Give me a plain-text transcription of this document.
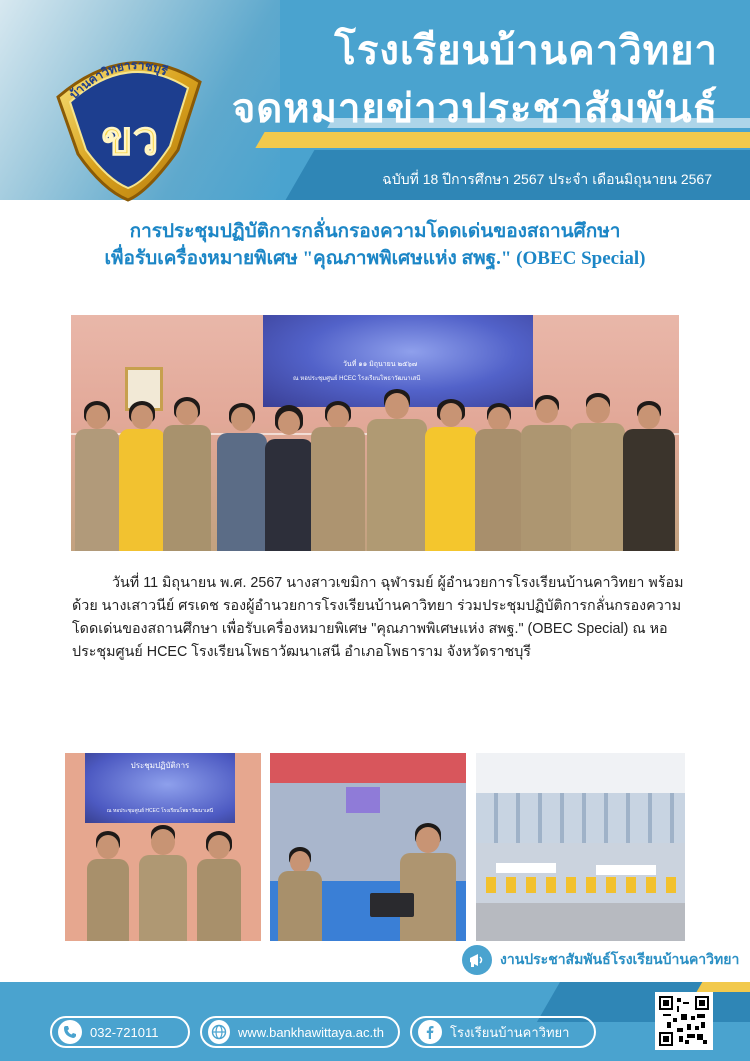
โรงเรียนบ้านคาวิทยา
จดหมายข่าวประชาสัมพันธ์
ฉบับที่ 18 ปีการศึกษา 2567 ประจำ เดือนมิถุนายน 2567
บ้านคาวิทยาราชบุรี
ขว
การประชุมปฏิบัติการกลั่นกรองความโดดเด่นของสถานศึกษา
เพื่อรับเครื่องหมายพิเศษ "คุณภาพพิเศษแห่ง สพฐ." (OBEC Special)
วันที่ ๑๑ มิถุนายน ๒๕๖๗
ณ หอประชุมศูนย์ HCEC โรงเรียนโพธาวัฒนาเสนี
วันที่ 11 มิถุนายน พ.ศ. 2567 นางสาวเขมิกา ฉุฬารมย์ ผู้อำนวยการโรงเรียนบ้านคาวิทยา พร้อมด้วย นางเสาวนีย์ ศรเดช รองผู้อำนวยการโรงเรียนบ้านคาวิทยา ร่วมประชุมปฏิบัติการกลั่นกรองความโดดเด่นของสถานศึกษา เพื่อรับเครื่องหมายพิเศษ "คุณภาพพิเศษแห่ง สพฐ." (OBEC Special) ณ หอประชุมศูนย์ HCEC โรงเรียนโพธาวัฒนาเสนี อำเภอโพธาราม จังหวัดราชบุรี
ประชุมปฏิบัติการ
ณ หอประชุมศูนย์ HCEC โรงเรียนโพธาวัฒนาเสนี
งานประชาสัมพันธ์โรงเรียนบ้านคาวิทยา
032-721011	www.bankhawittaya.ac.th	โรงเรียนบ้านคาวิทยา
